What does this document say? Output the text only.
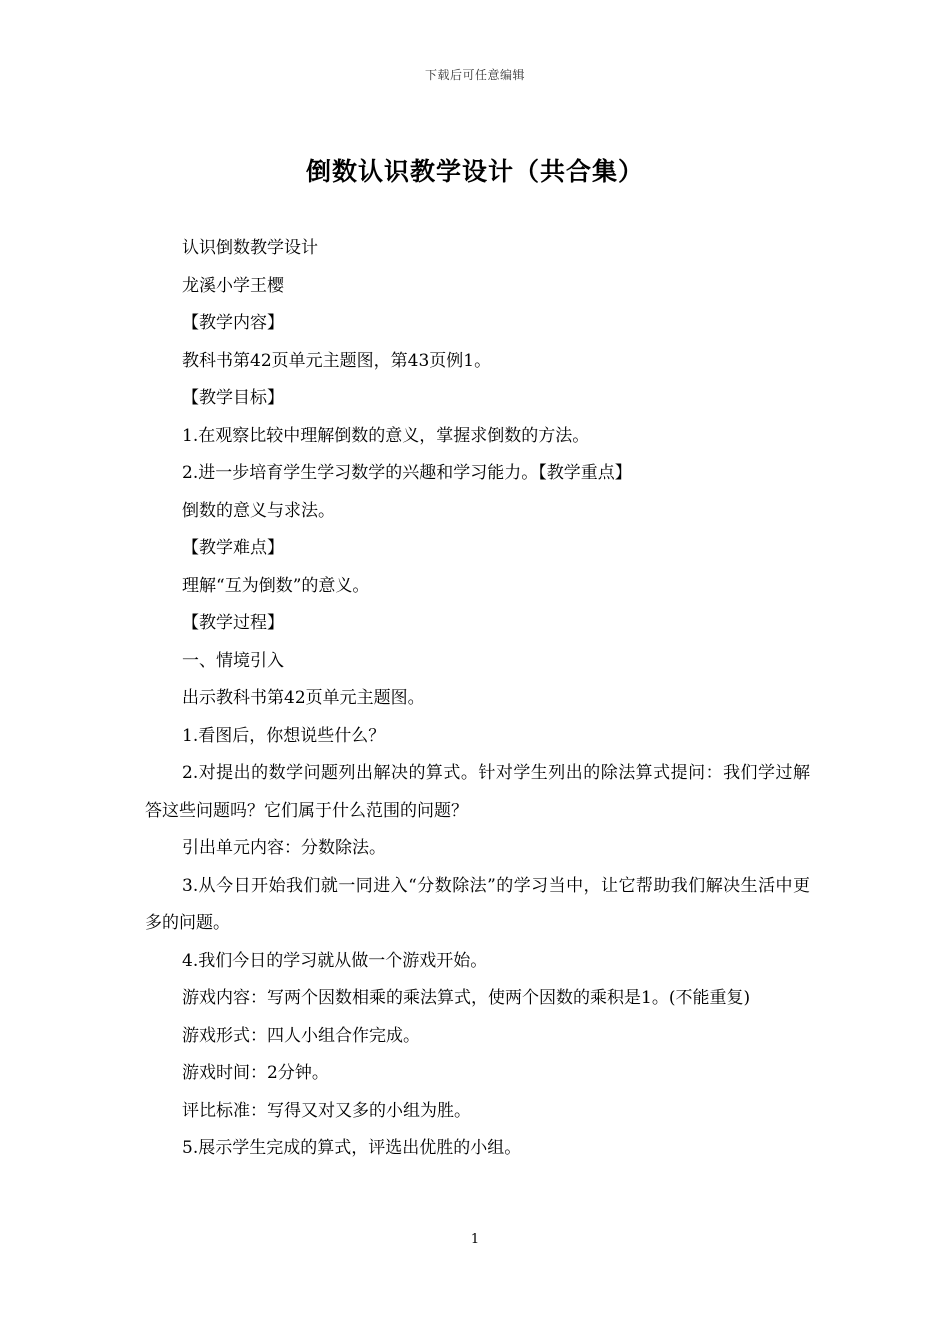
下载后可任意编辑
倒数认识教学设计（共合集）

认识倒数教学设计

龙溪小学王樱

【教学内容】

教科书第42页单元主题图，第43页例1。

【教学目标】

1.在观察比较中理解倒数的意义，掌握求倒数的方法。

2.进一步培育学生学习数学的兴趣和学习能力。【教学重点】

倒数的意义与求法。

【教学难点】

理解“互为倒数”的意义。

【教学过程】

一、情境引入

出示教科书第42页单元主题图。

1.看图后，你想说些什么？

2.对提出的数学问题列出解决的算式。针对学生列出的除法算式提问：我们学过解答这些问题吗？它们属于什么范围的问题？

引出单元内容：分数除法。

3.从今日开始我们就一同进入“分数除法”的学习当中，让它帮助我们解决生活中更多的问题。

4.我们今日的学习就从做一个游戏开始。

游戏内容：写两个因数相乘的乘法算式，使两个因数的乘积是1。(不能重复)

游戏形式：四人小组合作完成。

游戏时间：2分钟。

评比标准：写得又对又多的小组为胜。

5.展示学生完成的算式，评选出优胜的小组。

1
